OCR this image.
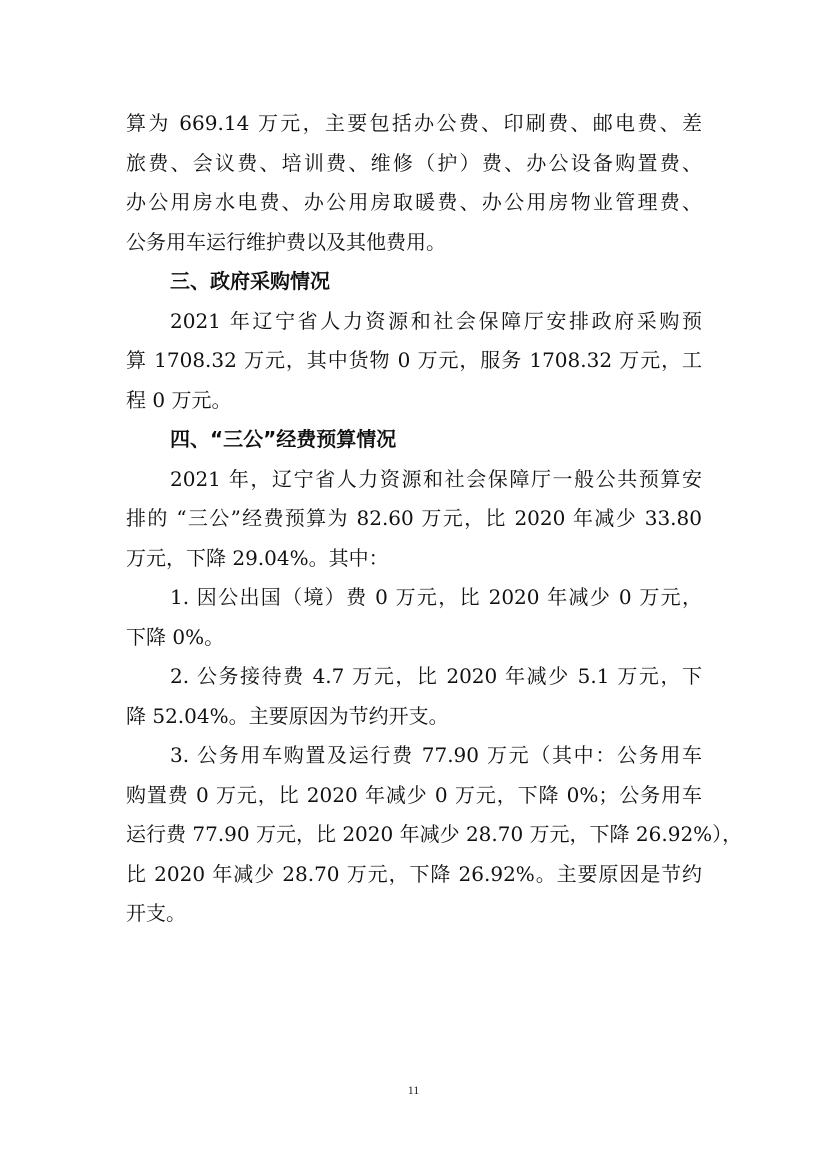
算为 669.14 万元，主要包括办公费、印刷费、邮电费、差
旅费、会议费、培训费、维修（护）费、办公设备购置费、
办公用房水电费、办公用房取暖费、办公用房物业管理费、
公务用车运行维护费以及其他费用。
三、政府采购情况
2021 年辽宁省人力资源和社会保障厅安排政府采购预
算 1708.32 万元，其中货物 0 万元，服务 1708.32 万元，工
程 0 万元。
四、“三公”经费预算情况
2021 年，辽宁省人力资源和社会保障厅一般公共预算安
排的 “三公”经费预算为 82.60 万元，比 2020 年减少 33.80
万元，下降 29.04%。其中：
1. 因公出国（境）费 0 万元，比 2020 年减少 0 万元，
下降 0%。
2. 公务接待费 4.7 万元，比 2020 年减少 5.1 万元，下
降 52.04%。主要原因为节约开支。
3. 公务用车购置及运行费 77.90 万元（其中：公务用车
购置费 0 万元，比 2020 年减少 0 万元，下降 0%；公务用车
运行费 77.90 万元，比 2020 年减少 28.70 万元，下降 26.92%），
比 2020 年减少 28.70 万元，下降 26.92%。主要原因是节约
开支。
11
